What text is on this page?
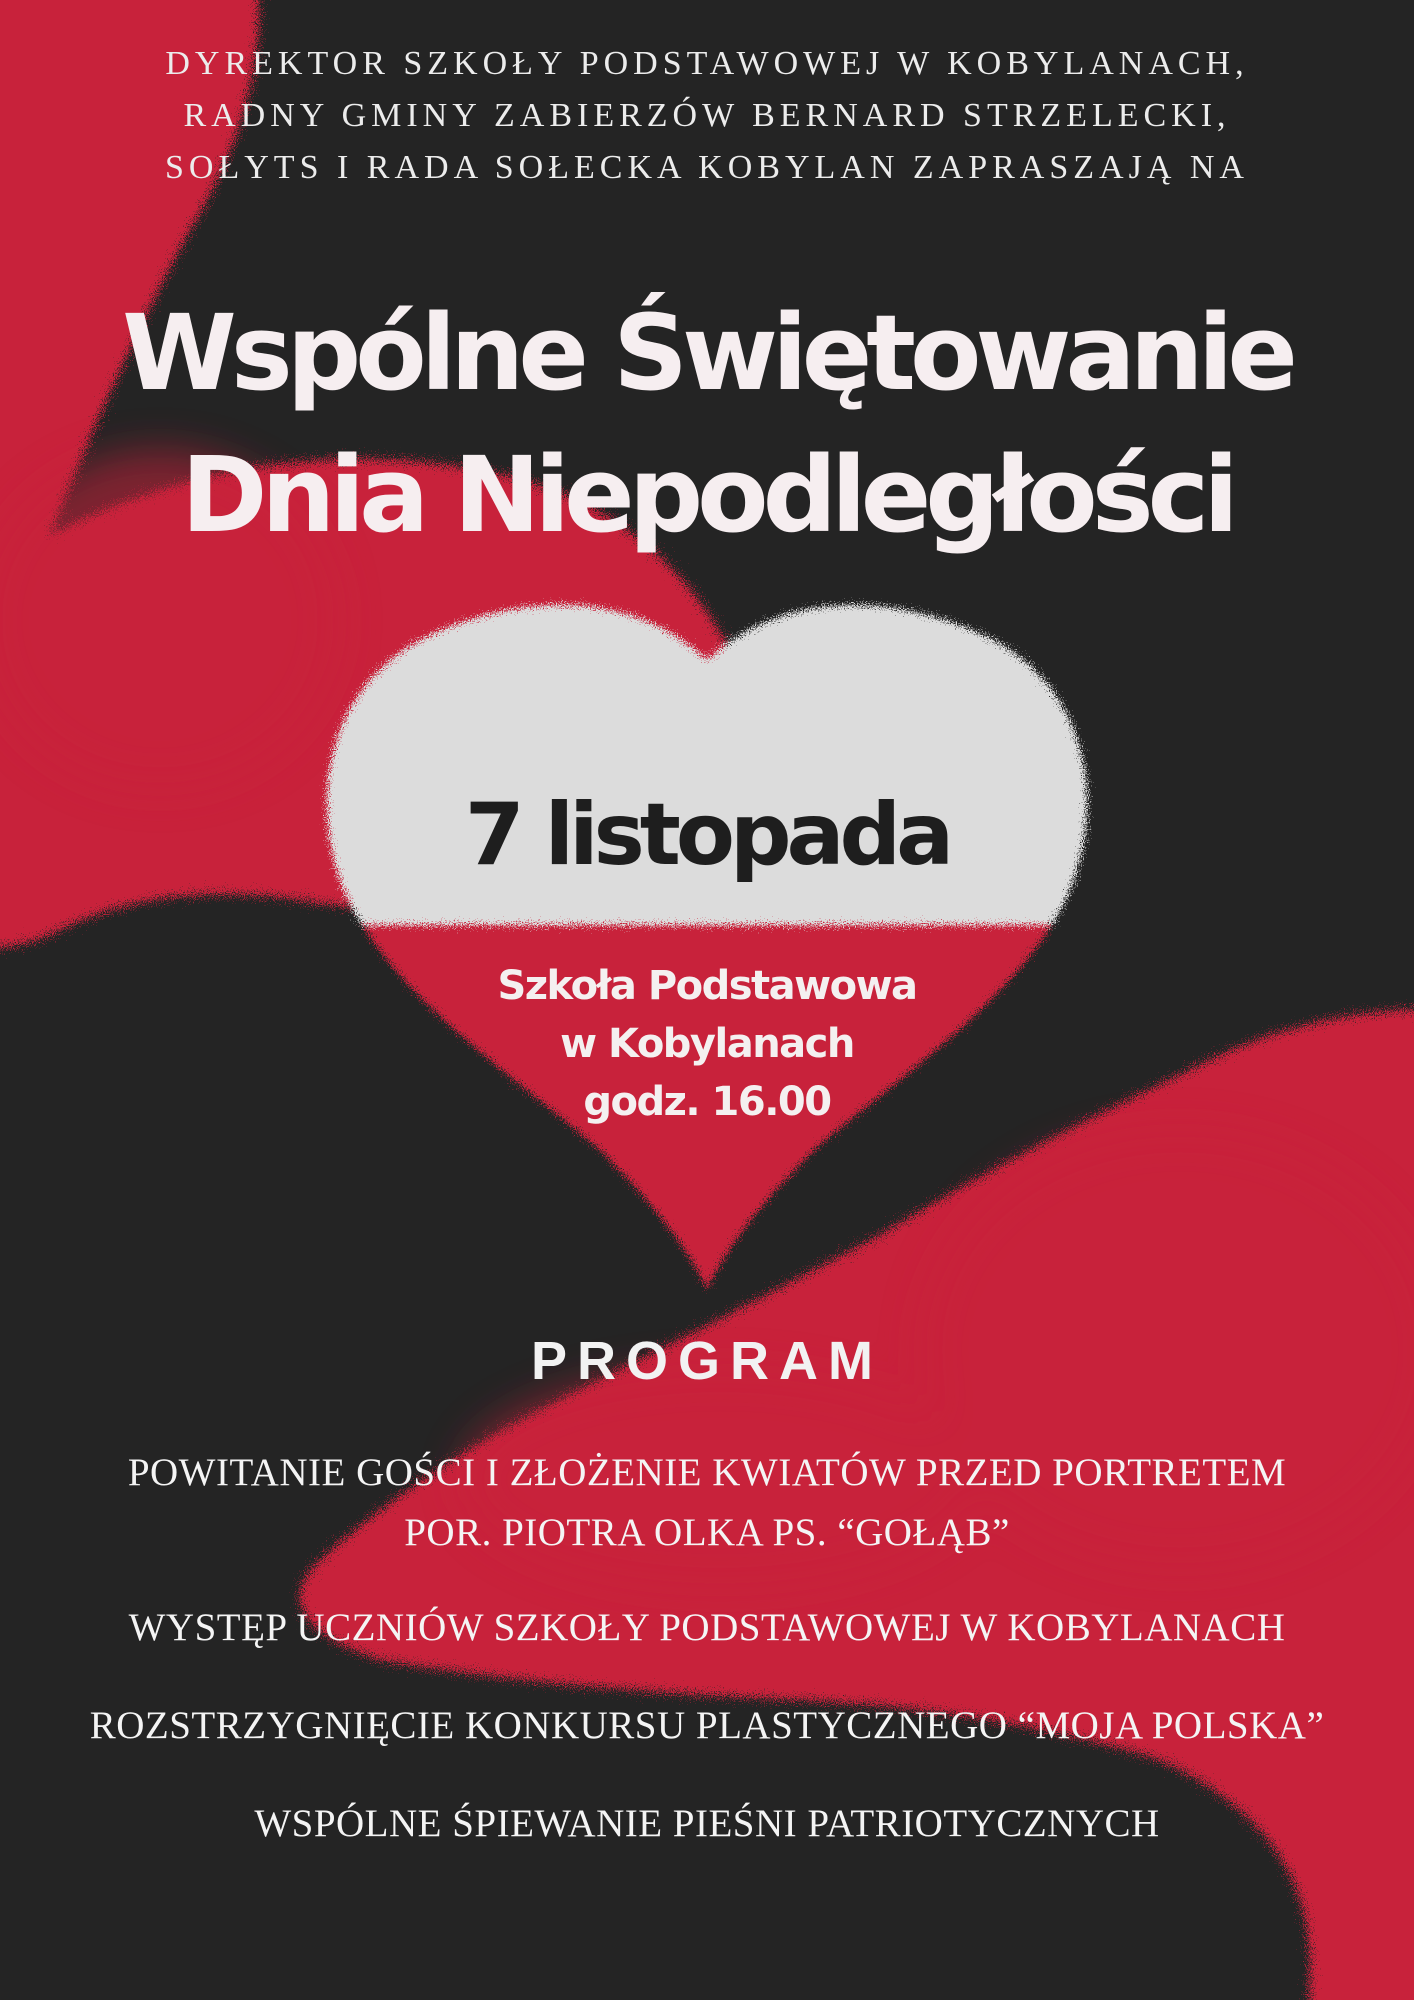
DYREKTOR SZKOŁY PODSTAWOWEJ W KOBYLANACH,
RADNY GMINY ZABIERZÓW BERNARD STRZELECKI,
SOŁYTS I RADA SOŁECKA KOBYLAN ZAPRASZAJĄ NA

Wspólne Świętowanie
Dnia Niepodległości

7 listopada

Szkoła Podstawowa
w Kobylanach
godz. 16.00

PROGRAM

POWITANIE GOŚCI I ZŁOŻENIE KWIATÓW PRZED PORTRETEM
POR. PIOTRA OLKA PS. “GOŁĄB”

WYSTĘP UCZNIÓW SZKOŁY PODSTAWOWEJ W KOBYLANACH

ROZSTRZYGNIĘCIE KONKURSU PLASTYCZNEGO “MOJA POLSKA”

WSPÓLNE ŚPIEWANIE PIEŚNI PATRIOTYCZNYCH
